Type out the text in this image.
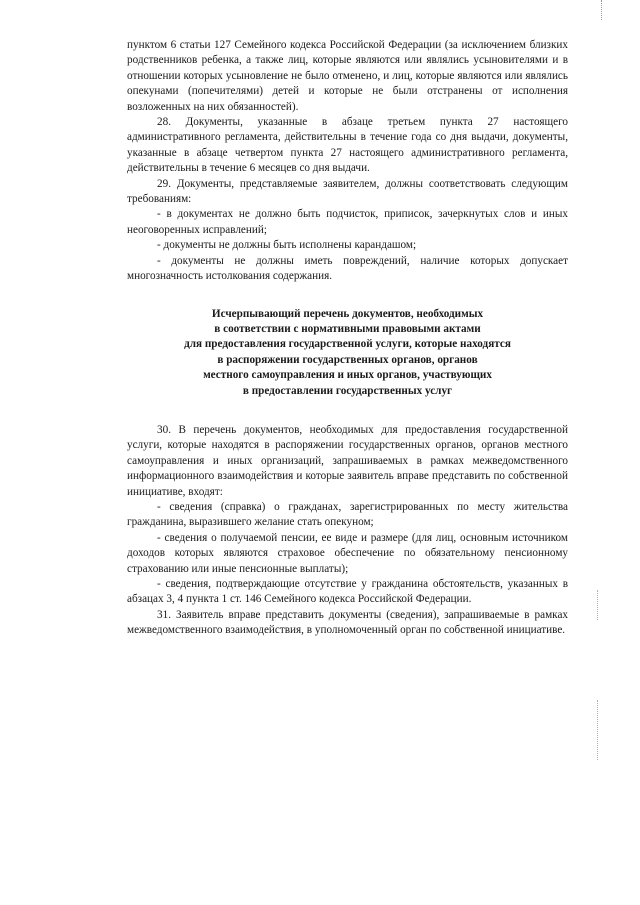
пунктом 6 статьи 127 Семейного кодекса Российской Федерации (за исключением близких родственников ребенка, а также лиц, которые являются или являлись усыновителями и в отношении которых усыновление не было отменено, и лиц, которые являются или являлись опекунами (попечителями) детей и которые не были отстранены от исполнения возложенных на них обязанностей).

28. Документы, указанные в абзаце третьем пункта 27 настоящего административного регламента, действительны в течение года со дня выдачи, документы, указанные в абзаце четвертом пункта 27 настоящего административного регламента, действительны в течение 6 месяцев со дня выдачи.

29. Документы, представляемые заявителем, должны соответствовать следующим требованиям:

- в документах не должно быть подчисток, приписок, зачеркнутых слов и иных неоговоренных исправлений;

- документы не должны быть исполнены карандашом;

- документы не должны иметь повреждений, наличие которых допускает многозначность истолкования содержания.

Исчерпывающий перечень документов, необходимых
в соответствии с нормативными правовыми актами
для предоставления государственной услуги, которые находятся
в распоряжении государственных органов, органов
местного самоуправления и иных органов, участвующих
в предоставлении государственных услуг

30. В перечень документов, необходимых для предоставления государственной услуги, которые находятся в распоряжении государственных органов, органов местного самоуправления и иных организаций, запрашиваемых в рамках межведомственного информационного взаимодействия и которые заявитель вправе представить по собственной инициативе, входят:

- сведения (справка) о гражданах, зарегистрированных по месту жительства гражданина, выразившего желание стать опекуном;

- сведения о получаемой пенсии, ее виде и размере (для лиц, основным источником доходов которых являются страховое обеспечение по обязательному пенсионному страхованию или иные пенсионные выплаты);

- сведения, подтверждающие отсутствие у гражданина обстоятельств, указанных в абзацах 3, 4 пункта 1 ст. 146 Семейного кодекса Российской Федерации.

31. Заявитель вправе представить документы (сведения), запрашиваемые в рамках межведомственного взаимодействия, в уполномоченный орган по собственной инициативе.
